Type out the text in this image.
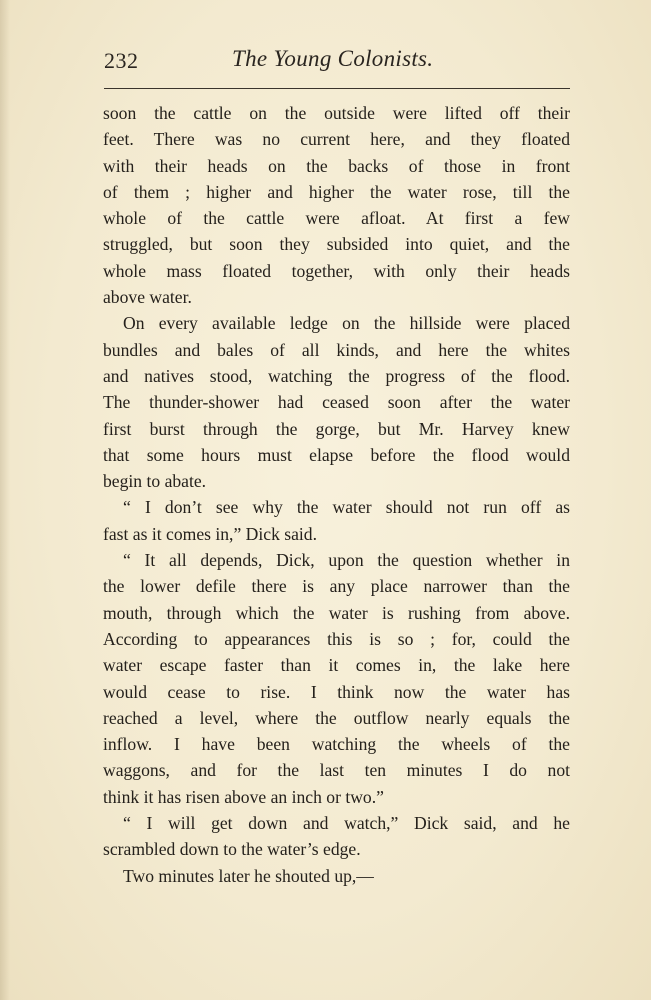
232	The Young Colonists.
soon the cattle on the outside were lifted off their
feet. There was no current here, and they floated
with their heads on the backs of those in front
of them ; higher and higher the water rose, till the
whole of the cattle were afloat. At first a few
struggled, but soon they subsided into quiet, and the
whole mass floated together, with only their heads
above water.
On every available ledge on the hillside were placed
bundles and bales of all kinds, and here the whites
and natives stood, watching the progress of the flood.
The thunder-shower had ceased soon after the water
first burst through the gorge, but Mr. Harvey knew
that some hours must elapse before the flood would
begin to abate.
“ I don’t see why the water should not run off as
fast as it comes in,” Dick said.
“ It all depends, Dick, upon the question whether in
the lower defile there is any place narrower than the
mouth, through which the water is rushing from above.
According to appearances this is so ; for, could the
water escape faster than it comes in, the lake here
would cease to rise. I think now the water has
reached a level, where the outflow nearly equals the
inflow. I have been watching the wheels of the
waggons, and for the last ten minutes I do not
think it has risen above an inch or two.”
“ I will get down and watch,” Dick said, and he
scrambled down to the water’s edge.
Two minutes later he shouted up,—
